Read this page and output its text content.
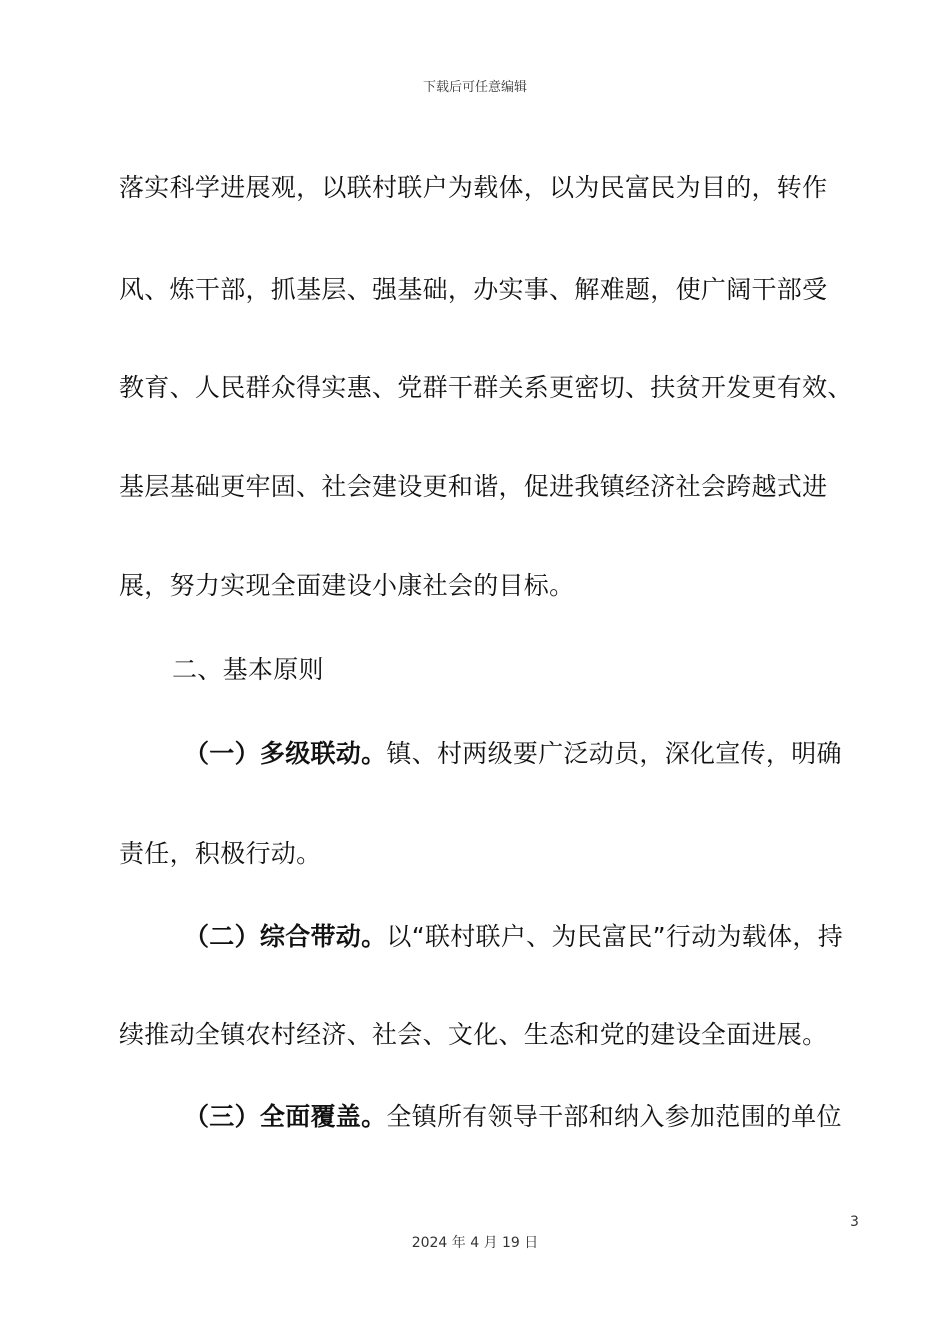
下载后可任意编辑
落实科学进展观，以联村联户为载体，以为民富民为目的，转作
风、炼干部，抓基层、强基础，办实事、解难题，使广阔干部受
教育、人民群众得实惠、党群干群关系更密切、扶贫开发更有效、
基层基础更牢固、社会建设更和谐，促进我镇经济社会跨越式进
展，努力实现全面建设小康社会的目标。
二、基本原则
（一）多级联动。镇、村两级要广泛动员，深化宣传，明确
责任，积极行动。
（二）综合带动。以“联村联户、为民富民”行动为载体，持
续推动全镇农村经济、社会、文化、生态和党的建设全面进展。
（三）全面覆盖。全镇所有领导干部和纳入参加范围的单位
3
2024 年 4 月 19 日
